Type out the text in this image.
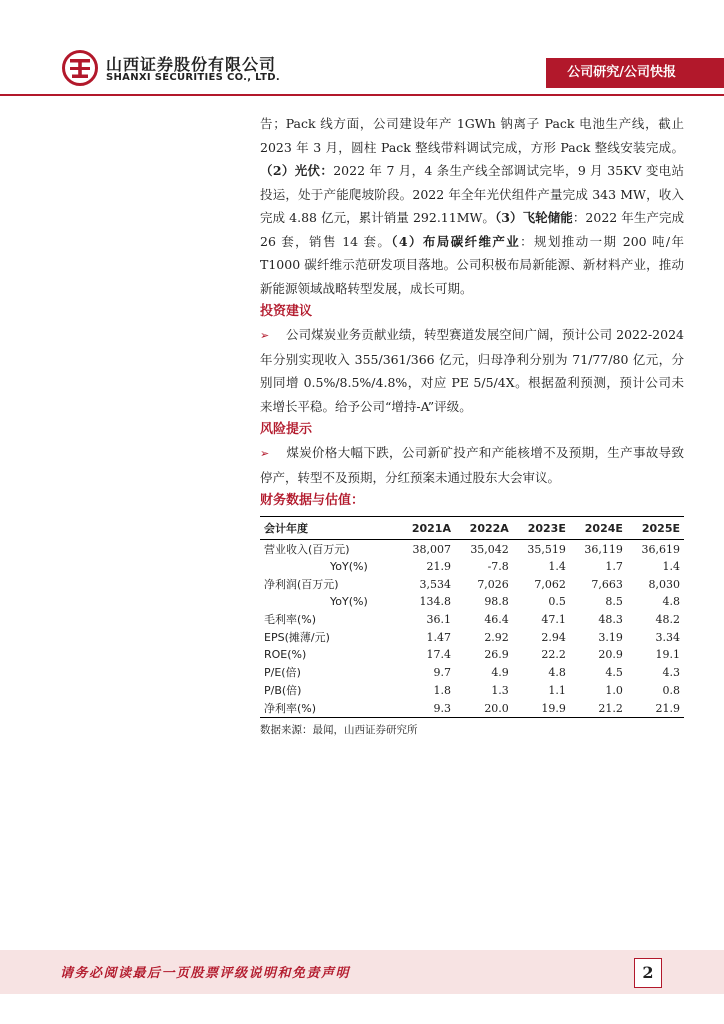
山西证券股份有限公司
SHANXI SECURITIES CO., LTD.	公司研究/公司快报

告；Pack 线方面，公司建设年产 1GWh 钠离子 Pack 电池生产线，截止 2023 年 3 月，圆柱 Pack 整线带料调试完成，方形 Pack 整线安装完成。（2）光伏：2022 年 7 月，4 条生产线全部调试完毕，9 月 35KV 变电站投运，处于产能爬坡阶段。2022 年全年光伏组件产量完成 343 MW，收入完成 4.88 亿元，累计销量 292.11MW。（3）飞轮储能：2022 年生产完成 26 套，销售 14 套。（4）布局碳纤维产业：规划推动一期 200 吨/年 T1000 碳纤维示范研发项目落地。公司积极布局新能源、新材料产业，推动新能源领域战略转型发展，成长可期。

投资建议

➢ 公司煤炭业务贡献业绩，转型赛道发展空间广阔，预计公司 2022-2024 年分别实现收入 355/361/366 亿元，归母净利分别为 71/77/80 亿元，分别同增 0.5%/8.5%/4.8%，对应 PE 5/5/4X。根据盈利预测，预计公司未来增长平稳。给予公司“增持-A”评级。

风险提示

➢ 煤炭价格大幅下跌，公司新矿投产和产能核增不及预期，生产事故导致停产，转型不及预期，分红预案未通过股东大会审议。

财务数据与估值：
会计年度	2021A	2022A	2023E	2024E	2025E
营业收入(百万元)	38,007	35,042	35,519	36,119	36,619
YoY(%)	21.9	-7.8	1.4	1.7	1.4
净利润(百万元)	3,534	7,026	7,062	7,663	8,030
YoY(%)	134.8	98.8	0.5	8.5	4.8
毛利率(%)	36.1	46.4	47.1	48.3	48.2
EPS(摊薄/元)	1.47	2.92	2.94	3.19	3.34
ROE(%)	17.4	26.9	22.2	20.9	19.1
P/E(倍)	9.7	4.9	4.8	4.5	4.3
P/B(倍)	1.8	1.3	1.1	1.0	0.8
净利率(%)	9.3	20.0	19.9	21.2	21.9
数据来源：最闻，山西证券研究所
请务必阅读最后一页股票评级说明和免责声明	2
